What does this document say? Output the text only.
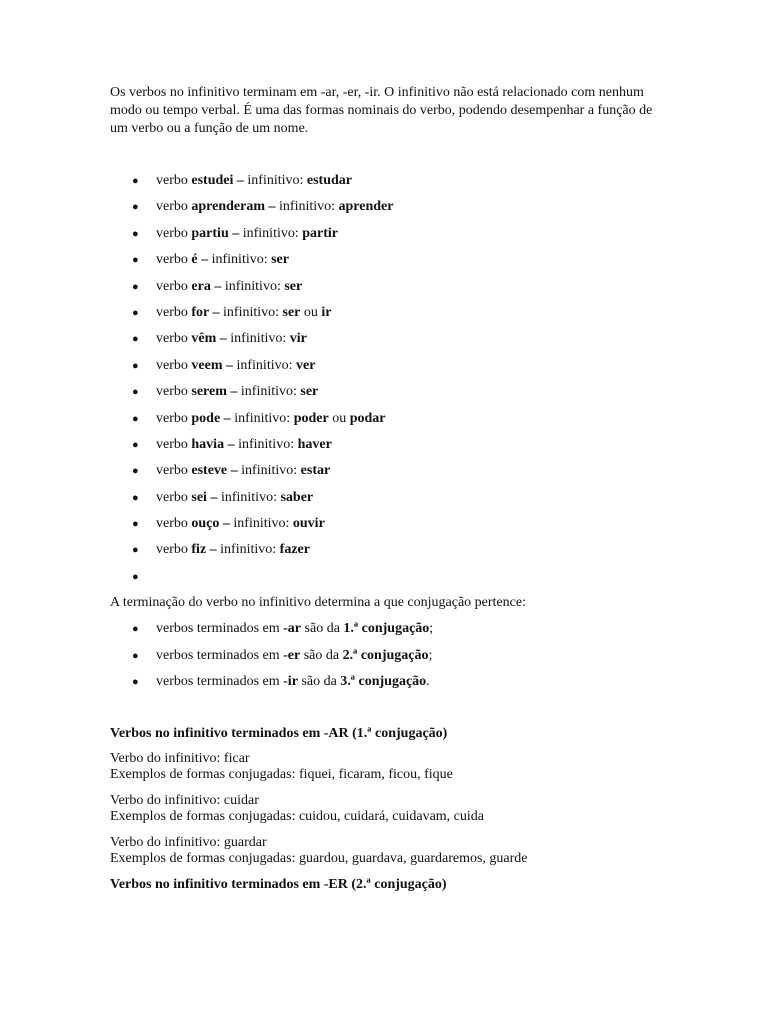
Os verbos no infinitivo terminam em -ar, -er, -ir. O infinitivo não está relacionado com nenhum modo ou tempo verbal. É uma das formas nominais do verbo, podendo desempenhar a função de um verbo ou a função de um nome.

● verbo estudei – infinitivo: estudar
● verbo aprenderam – infinitivo: aprender
● verbo partiu – infinitivo: partir
● verbo é – infinitivo: ser
● verbo era – infinitivo: ser
● verbo for – infinitivo: ser ou ir
● verbo vêm – infinitivo: vir
● verbo veem – infinitivo: ver
● verbo serem – infinitivo: ser
● verbo pode – infinitivo: poder ou podar
● verbo havia – infinitivo: haver
● verbo esteve – infinitivo: estar
● verbo sei – infinitivo: saber
● verbo ouço – infinitivo: ouvir
● verbo fiz – infinitivo: fazer
●

A terminação do verbo no infinitivo determina a que conjugação pertence:

● verbos terminados em -ar são da 1.ª conjugação;
● verbos terminados em -er são da 2.ª conjugação;
● verbos terminados em -ir são da 3.ª conjugação.

Verbos no infinitivo terminados em -AR (1.ª conjugação)

Verbo do infinitivo: ficar
Exemplos de formas conjugadas: fiquei, ficaram, ficou, fique
Verbo do infinitivo: cuidar
Exemplos de formas conjugadas: cuidou, cuidará, cuidavam, cuida
Verbo do infinitivo: guardar
Exemplos de formas conjugadas: guardou, guardava, guardaremos, guarde

Verbos no infinitivo terminados em -ER (2.ª conjugação)
